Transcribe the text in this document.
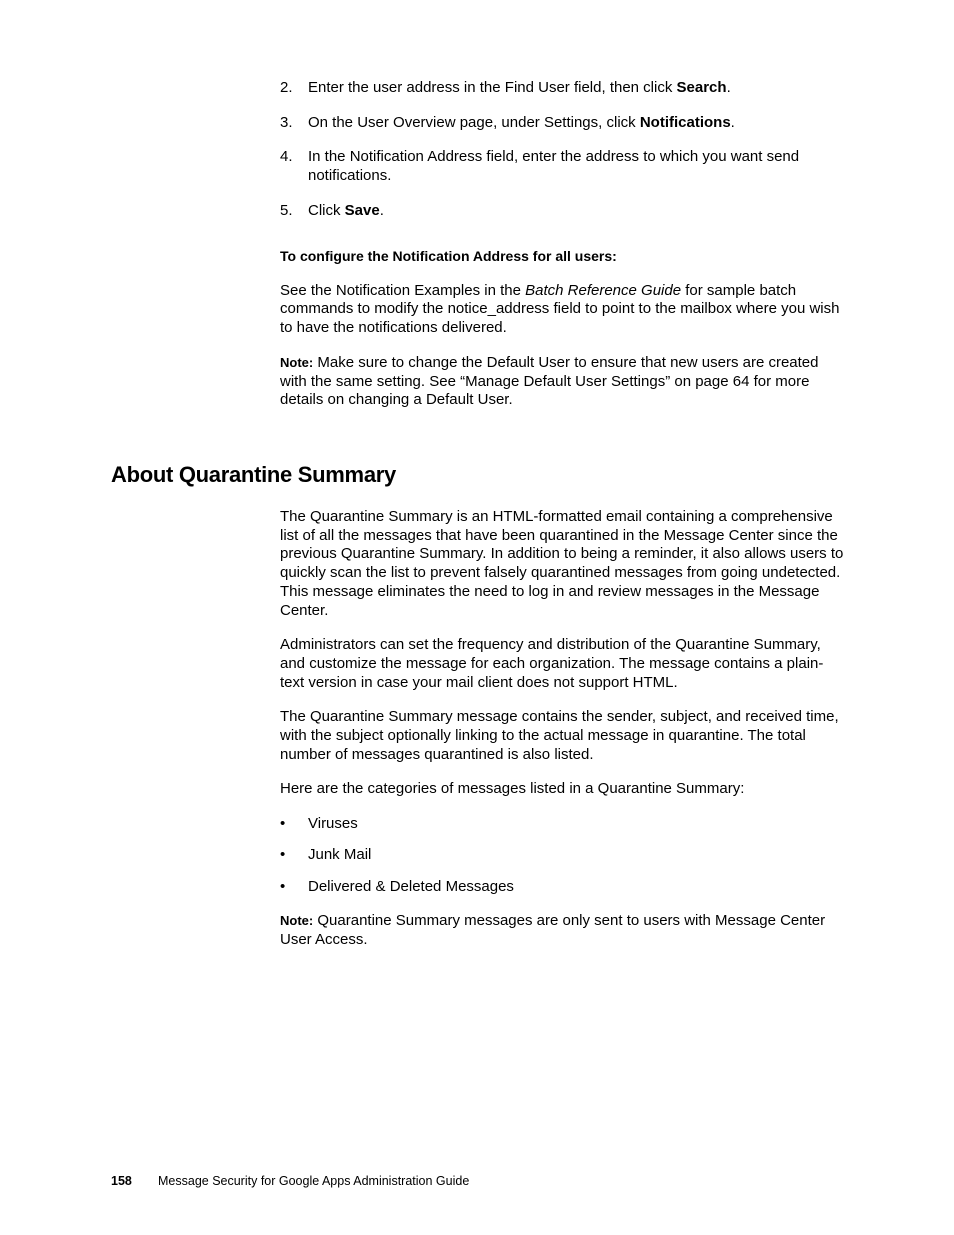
2. Enter the user address in the Find User field, then click Search.
3. On the User Overview page, under Settings, click Notifications.
4. In the Notification Address field, enter the address to which you want send notifications.
5. Click Save.
To configure the Notification Address for all users:

See the Notification Examples in the Batch Reference Guide for sample batch commands to modify the notice_address field to point to the mailbox where you wish to have the notifications delivered.

Note: Make sure to change the Default User to ensure that new users are created with the same setting. See “Manage Default User Settings” on page 64 for more details on changing a Default User.

About Quarantine Summary

The Quarantine Summary is an HTML-formatted email containing a comprehensive list of all the messages that have been quarantined in the Message Center since the previous Quarantine Summary. In addition to being a reminder, it also allows users to quickly scan the list to prevent falsely quarantined messages from going undetected. This message eliminates the need to log in and review messages in the Message Center.

Administrators can set the frequency and distribution of the Quarantine Summary, and customize the message for each organization. The message contains a plain-text version in case your mail client does not support HTML.

The Quarantine Summary message contains the sender, subject, and received time, with the subject optionally linking to the actual message in quarantine. The total number of messages quarantined is also listed.

Here are the categories of messages listed in a Quarantine Summary:

• Viruses
• Junk Mail
• Delivered & Deleted Messages

Note: Quarantine Summary messages are only sent to users with Message Center User Access.

158 Message Security for Google Apps Administration Guide
